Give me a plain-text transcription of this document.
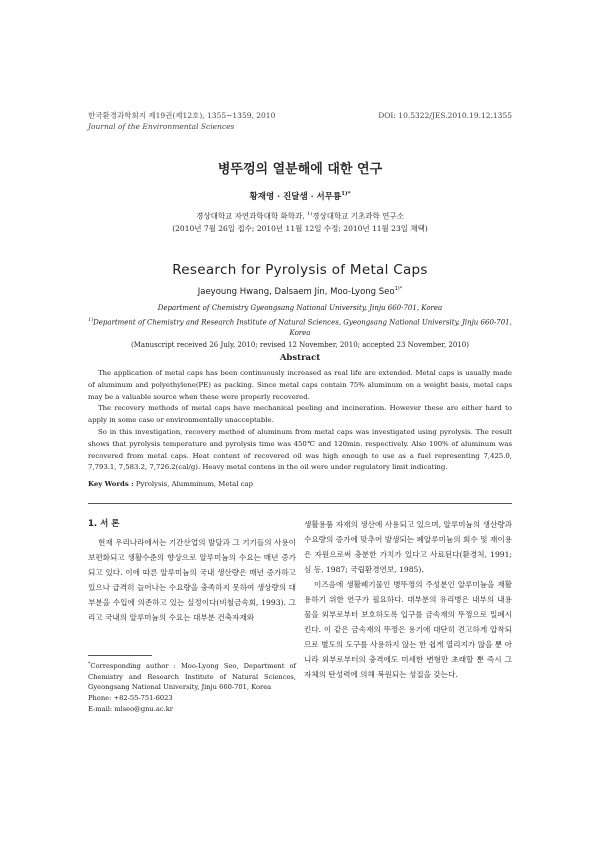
한국환경과학회지 제19권(제12호), 1355~1359, 2010
Journal of the Environmental Sciences
DOI: 10.5322/JES.2010.19.12.1355
병뚜껑의 열분해에 대한 연구
황재영 · 진달샘 · 서무룡$^{1)*}$
경상대학교 자연과학대학 화학과, $^{1)}$경상대학교 기초과학 연구소
(2010년 7월 26일 접수; 2010년 11월 12일 수정; 2010년 11월 23일 채택)
Research for Pyrolysis of Metal Caps
Jaeyoung Hwang, Dalsaem Jin, Moo-Lyong Seo$^{1)*}$
Department of Chemistry Gyeongsang National University, Jinju 660-701, Korea
$^{1)}$Department of Chemistry and Research Institute of Natural Sciences, Gyeongsang National University, Jinju 660-701, Korea
(Manuscript received 26 July, 2010; revised 12 November, 2010; accepted 23 November, 2010)
Abstract

The application of metal caps has been continuously increased as real life are extended. Metal caps is usually made of aluminum and polyethylene(PE) as packing. Since metal caps contain 75% aluminum on a weight basis, metal caps may be a valuable source when these were properly recovered.

The recovery methods of metal caps have mechanical peeling and incineration. However these are either hard to apply in some case or environmentally unacceptable.

So in this investigation, recovery method of aluminum from metal caps was investigated using pyrolysis. The result shows that pyrolysis temperature and pyrolysis time was 450℃ and 120min. respectively. Also 100% of aluminum was recovered from metal caps. Heat content of recovered oil was high enough to use as a fuel representing 7,425.0, 7,793.1, 7,583.2, 7,726.2(cal/g). Heavy metal contens in the oil were under regulatory limit indicating.

Key Words : Pyrolysis, Alumminum, Metal cap
1. 서 론

현재 우리나라에서는 기간산업의 발달과 그 기기들의 사용이 보편화되고 생활수준의 향상으로 알루미늄의 수요는 매년 증가되고 있다. 이에 따른 알루미늄의 국내 생산량은 매년 증가하고 있으나 급격히 늘어나는 수요량을 충족하지 못하여 생상량의 대부분을 수입에 의존하고 있는 실정이다(비철금속회, 1993). 그리고 국내의 알루미늄의 수요는 대부분 건축자재와

*Corresponding author : Moo-Lyong Seo, Department of Chemistry and Research Institute of Natural Sciences, Gyeongsang National University, Jinju 660-701, Korea
Phone: +82-55-751-6023
E-mail: mlseo@gnu.ac.kr

생활용품 자재의 생산에 사용되고 있으며, 알루미늄의 생산량과 수요량의 증가에 맞추어 발생되는 폐알루미늄의 회수 및 재이용은 자원으로써 충분한 가치가 있다고 사료된다(환경처, 1991; 심 등, 1987; 국립환경연보, 1985).

이즈음에 생활폐기물인 병뚜껑의 주성분인 알루미늄을 재활용하기 위한 연구가 필요하다. 대부분의 유리병은 내부의 내용물을 외부로부터 보호하도록 입구를 금속재의 뚜껑으로 밀폐시킨다. 이 같은 금속재의 뚜껑은 용기에 대단히 견고하게 압착되므로 별도의 도구를 사용하지 않는 한 쉽게 열리지가 않을 뿐 아니라 외부로부터의 충격에도 미세한 변형만 초래할 뿐 즉시 그 자체의 탄성력에 의해 복원되는 성질을 갖는다.
